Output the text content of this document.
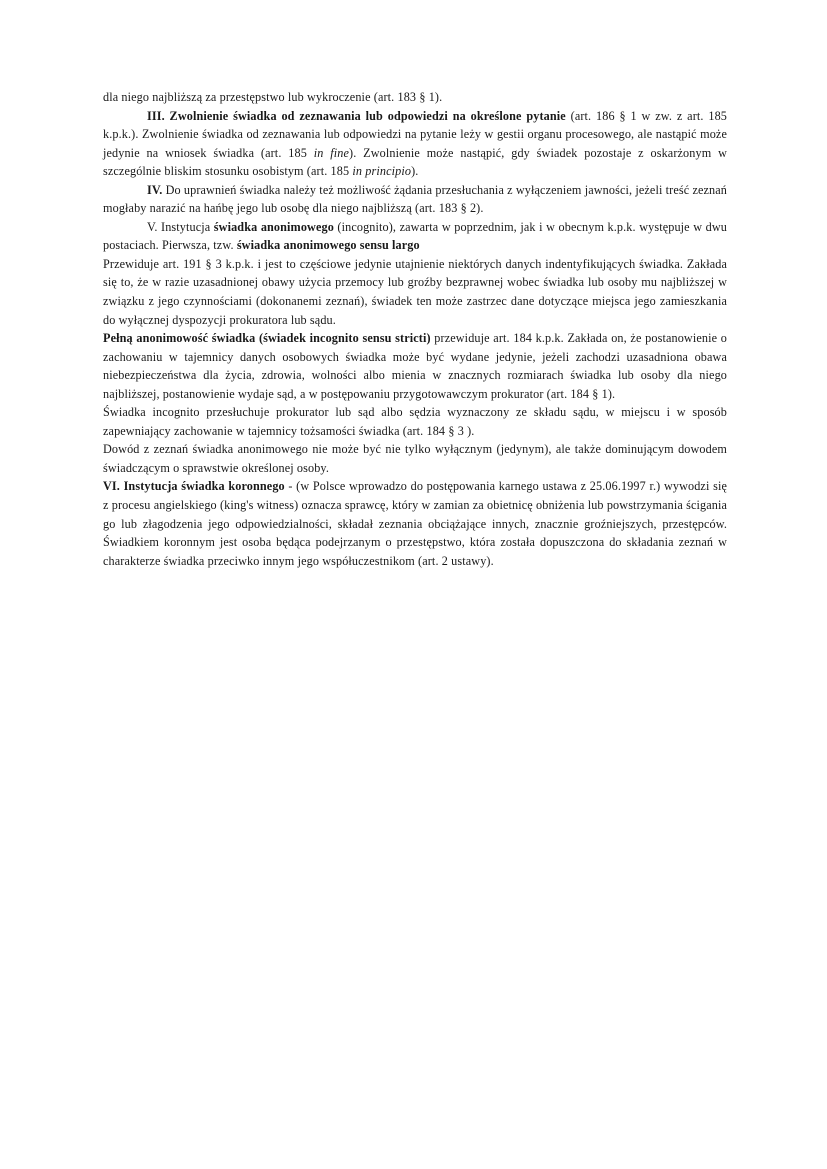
dla niego najbliższą za przestępstwo lub wykroczenie (art. 183 § 1).

III. Zwolnienie świadka od zeznawania lub odpowiedzi na określone pytanie (art. 186 § 1 w zw. z art. 185 k.p.k.). Zwolnienie świadka od zeznawania lub odpowiedzi na pytanie leży w gestii organu procesowego, ale nastąpić może jedynie na wniosek świadka (art. 185 in fine). Zwolnienie może nastąpić, gdy świadek pozostaje z oskarżonym w szczególnie bliskim stosunku osobistym (art. 185 in principio).

IV. Do uprawnień świadka należy też możliwość żądania przesłuchania z wyłączeniem jawności, jeżeli treść zeznań mogłaby narazić na hańbę jego lub osobę dla niego najbliższą (art. 183 § 2).

V. Instytucja świadka anonimowego (incognito), zawarta w poprzednim, jak i w obecnym k.p.k. występuje w dwu postaciach. Pierwsza, tzw. świadka anonimowego sensu largo

Przewiduje art. 191 § 3 k.p.k. i jest to częściowe jedynie utajnienie niektórych danych indentyfikujących świadka. Zakłada się to, że w razie uzasadnionej obawy użycia przemocy lub groźby bezprawnej wobec świadka lub osoby mu najbliższej w związku z jego czynnościami (dokonanemi zeznań), świadek ten może zastrzec dane dotyczące miejsca jego zamieszkania do wyłącznej dyspozycji prokuratora lub sądu.

Pełną anonimowość świadka (świadek incognito sensu stricti) przewiduje art. 184 k.p.k. Zakłada on, że postanowienie o zachowaniu w tajemnicy danych osobowych świadka może być wydane jedynie, jeżeli zachodzi uzasadniona obawa niebezpieczeństwa dla życia, zdrowia, wolności albo mienia w znacznych rozmiarach świadka lub osoby dla niego najbliższej, postanowienie wydaje sąd, a w postępowaniu przygotowawczym prokurator (art. 184 § 1).

Świadka incognito przesłuchuje prokurator lub sąd albo sędzia wyznaczony ze składu sądu, w miejscu i w sposób zapewniający zachowanie w tajemnicy tożsamości świadka (art. 184 § 3 ).

Dowód z zeznań świadka anonimowego nie może być nie tylko wyłącznym (jedynym), ale także dominującym dowodem świadczącym o sprawstwie określonej osoby.

VI. Instytucja świadka koronnego - (w Polsce wprowadzo do postępowania karnego ustawa z 25.06.1997 r.) wywodzi się z procesu angielskiego (king's witness) oznacza sprawcę, który w zamian za obietnicę obniżenia lub powstrzymania ścigania go lub złagodzenia jego odpowiedzialności, składał zeznania obciążające innych, znacznie groźniejszych, przestępców. Świadkiem koronnym jest osoba będąca podejrzanym o przestępstwo, która została dopuszczona do składania zeznań w charakterze świadka przeciwko innym jego współuczestnikom (art. 2 ustawy).
